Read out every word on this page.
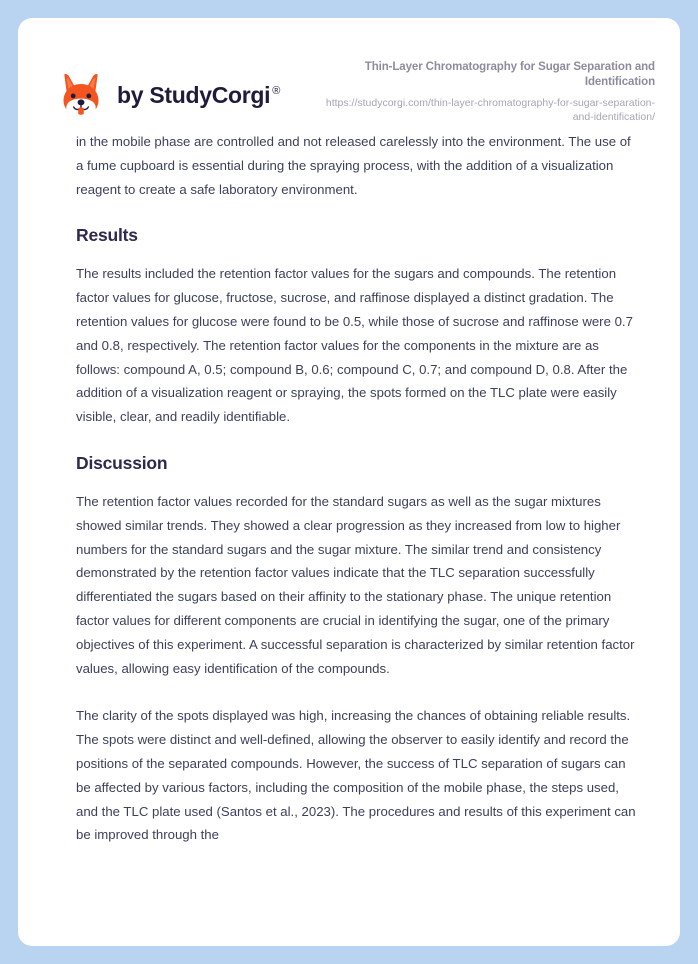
by StudyCorgi ®
Thin-Layer Chromatography for Sugar Separation and Identification
https://studycorgi.com/thin-layer-chromatography-for-sugar-separation-and-identification/

in the mobile phase are controlled and not released carelessly into the environment. The use of a fume cupboard is essential during the spraying process, with the addition of a visualization reagent to create a safe laboratory environment.

Results

The results included the retention factor values for the sugars and compounds. The retention factor values for glucose, fructose, sucrose, and raffinose displayed a distinct gradation. The retention values for glucose were found to be 0.5, while those of sucrose and raffinose were 0.7 and 0.8, respectively. The retention factor values for the components in the mixture are as follows: compound A, 0.5; compound B, 0.6; compound C, 0.7; and compound D, 0.8. After the addition of a visualization reagent or spraying, the spots formed on the TLC plate were easily visible, clear, and readily identifiable.

Discussion

The retention factor values recorded for the standard sugars as well as the sugar mixtures showed similar trends. They showed a clear progression as they increased from low to higher numbers for the standard sugars and the sugar mixture. The similar trend and consistency demonstrated by the retention factor values indicate that the TLC separation successfully differentiated the sugars based on their affinity to the stationary phase. The unique retention factor values for different components are crucial in identifying the sugar, one of the primary objectives of this experiment. A successful separation is characterized by similar retention factor values, allowing easy identification of the compounds.

The clarity of the spots displayed was high, increasing the chances of obtaining reliable results. The spots were distinct and well-defined, allowing the observer to easily identify and record the positions of the separated compounds. However, the success of TLC separation of sugars can be affected by various factors, including the composition of the mobile phase, the steps used, and the TLC plate used (Santos et al., 2023). The procedures and results of this experiment can be improved through the
